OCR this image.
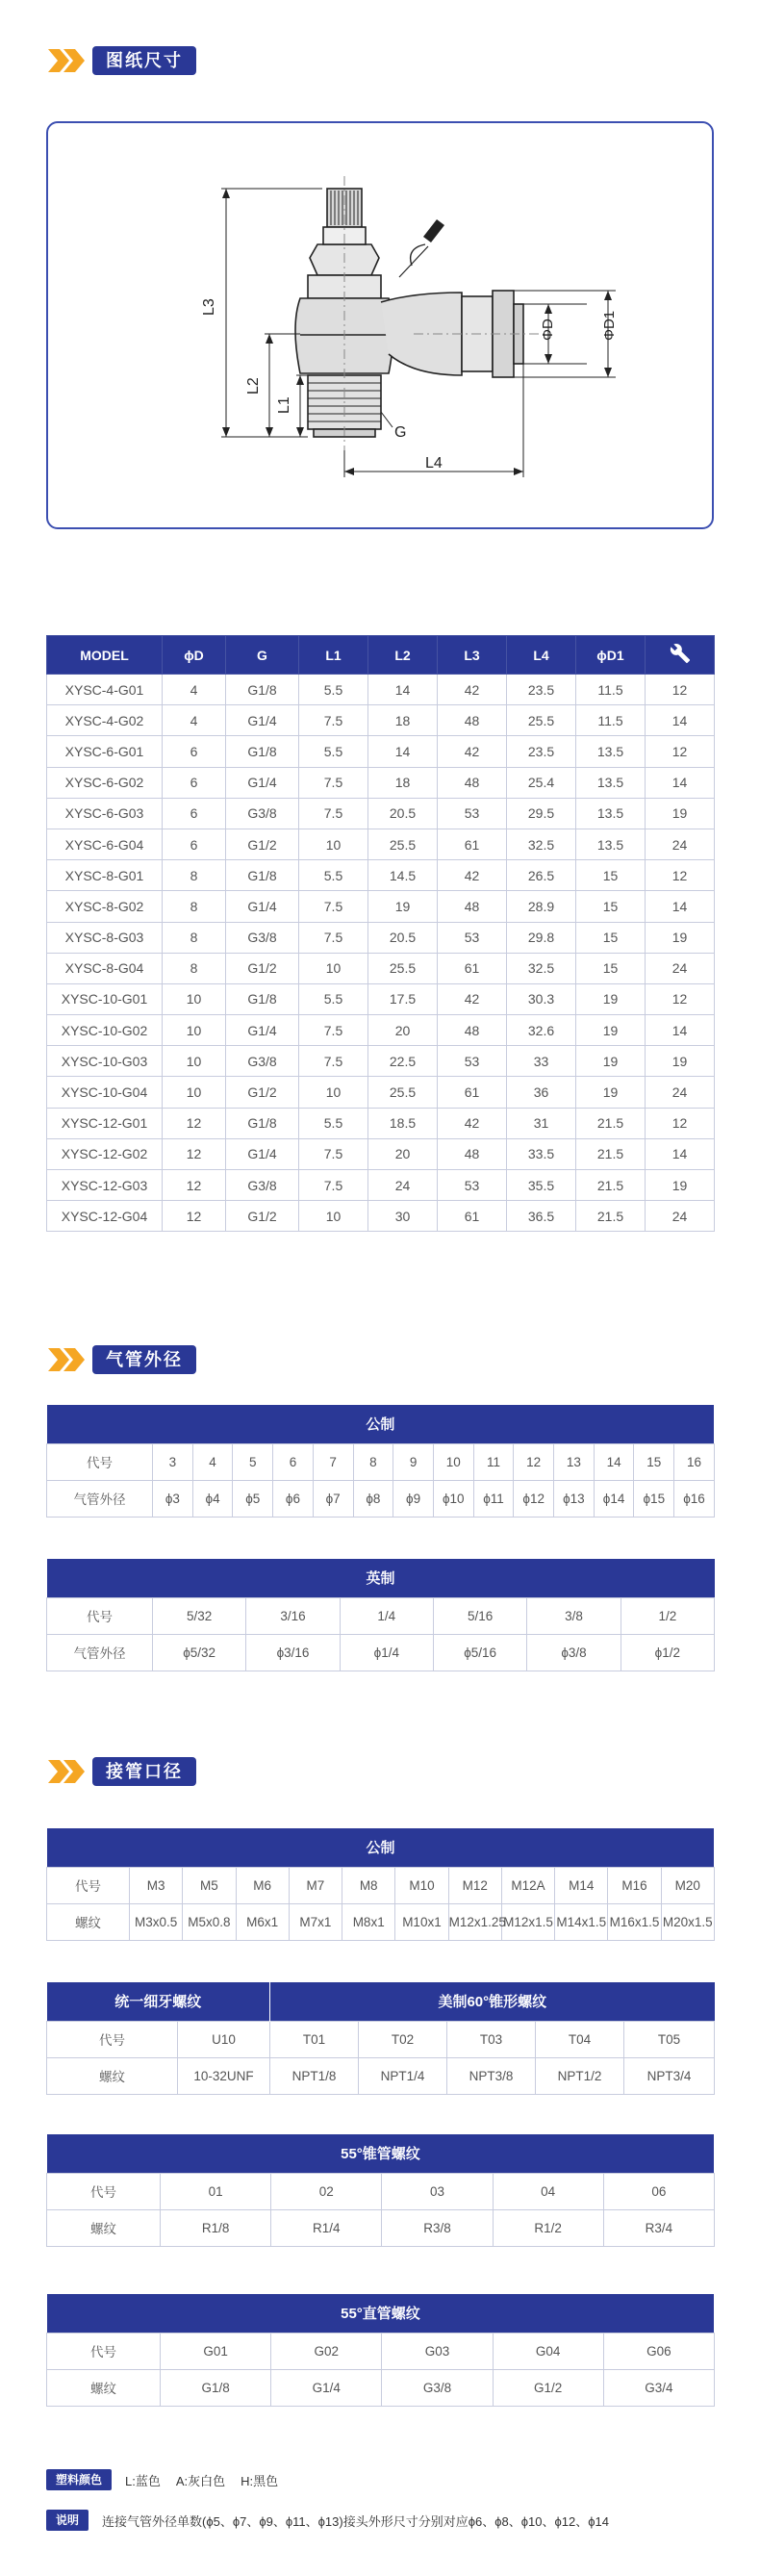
图纸尺寸
L3
L2
L1
L4
G
ΦD	ΦD1
MODEL	ϕD	G	L1	L2	L3	L4	ϕD1	
XYSC-4-G01	4	G1/8	5.5	14	42	23.5	11.5	12
XYSC-4-G02	4	G1/4	7.5	18	48	25.5	11.5	14
XYSC-6-G01	6	G1/8	5.5	14	42	23.5	13.5	12
XYSC-6-G02	6	G1/4	7.5	18	48	25.4	13.5	14
XYSC-6-G03	6	G3/8	7.5	20.5	53	29.5	13.5	19
XYSC-6-G04	6	G1/2	10	25.5	61	32.5	13.5	24
XYSC-8-G01	8	G1/8	5.5	14.5	42	26.5	15	12
XYSC-8-G02	8	G1/4	7.5	19	48	28.9	15	14
XYSC-8-G03	8	G3/8	7.5	20.5	53	29.8	15	19
XYSC-8-G04	8	G1/2	10	25.5	61	32.5	15	24
XYSC-10-G01	10	G1/8	5.5	17.5	42	30.3	19	12
XYSC-10-G02	10	G1/4	7.5	20	48	32.6	19	14
XYSC-10-G03	10	G3/8	7.5	22.5	53	33	19	19
XYSC-10-G04	10	G1/2	10	25.5	61	36	19	24
XYSC-12-G01	12	G1/8	5.5	18.5	42	31	21.5	12
XYSC-12-G02	12	G1/4	7.5	20	48	33.5	21.5	14
XYSC-12-G03	12	G3/8	7.5	24	53	35.5	21.5	19
XYSC-12-G04	12	G1/2	10	30	61	36.5	21.5	24
气管外径
公制														
代号	3	4	5	6	7	8	9	10	11	12	13	14	15	16
气管外径	ϕ3	ϕ4	ϕ5	ϕ6	ϕ7	ϕ8	ϕ9	ϕ10	ϕ11	ϕ12	ϕ13	ϕ14	ϕ15	ϕ16
英制						
代号	5/32	3/16	1/4	5/16	3/8	1/2
气管外径	ϕ5/32	ϕ3/16	ϕ1/4	ϕ5/16	ϕ3/8	ϕ1/2
接管口径
公制											
代号	M3	M5	M6	M7	M8	M10	M12	M12A	M14	M16	M20
螺纹	M3x0.5	M5x0.8	M6x1	M7x1	M8x1	M10x1	M12x1.25	M12x1.5	M14x1.5	M16x1.5	M20x1.5
统一细牙螺纹		美制60°锥形螺纹				
代号	U10	T01	T02	T03	T04	T05
螺纹	10-32UNF	NPT1/8	NPT1/4	NPT3/8	NPT1/2	NPT3/4
55°锥管螺纹					
代号	01	02	03	04	06
螺纹	R1/8	R1/4	R3/8	R1/2	R3/4
55°直管螺纹					
代号	G01	G02	G03	G04	G06
螺纹	G1/8	G1/4	G3/8	G1/2	G3/4
塑料颜色	L:蓝色 A:灰白色 H:黑色
说明	连接气管外径单数(ϕ5、ϕ7、ϕ9、ϕ11、ϕ13)接头外形尺寸分别对应ϕ6、ϕ8、ϕ10、ϕ12、ϕ14
